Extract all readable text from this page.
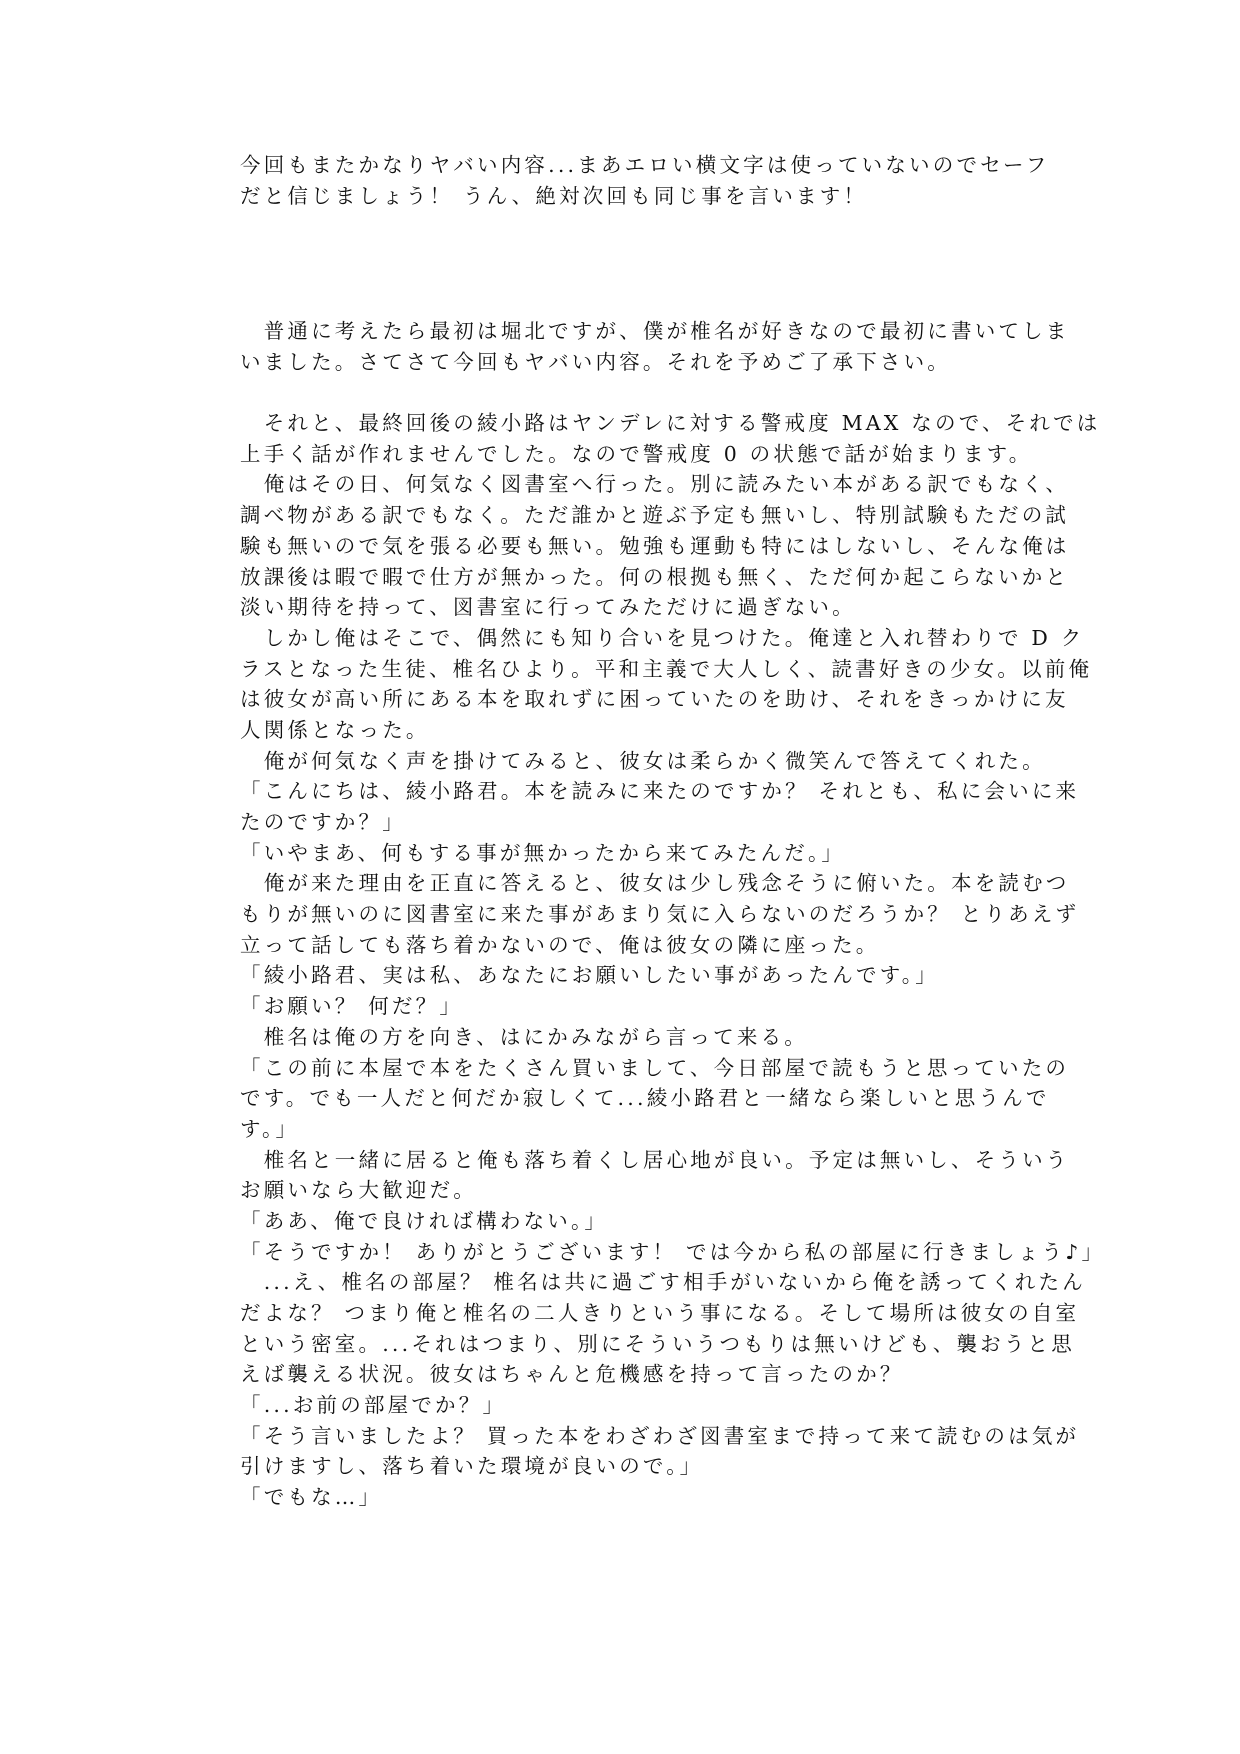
今回もまたかなりヤバい内容...まあエロい横文字は使っていないのでセーフ
だと信じましょう！ うん、絶対次回も同じ事を言います！
　普通に考えたら最初は堀北ですが、僕が椎名が好きなので最初に書いてしま
いました。さてさて今回もヤバい内容。それを予めご了承下さい。
　それと、最終回後の綾小路はヤンデレに対する警戒度 MAX なので、それでは
上手く話が作れませんでした。なので警戒度 0 の状態で話が始まります。
　俺はその日、何気なく図書室へ行った。別に読みたい本がある訳でもなく、
調べ物がある訳でもなく。ただ誰かと遊ぶ予定も無いし、特別試験もただの試
験も無いので気を張る必要も無い。勉強も運動も特にはしないし、そんな俺は
放課後は暇で暇で仕方が無かった。何の根拠も無く、ただ何か起こらないかと
淡い期待を持って、図書室に行ってみただけに過ぎない。
　しかし俺はそこで、偶然にも知り合いを見つけた。俺達と入れ替わりで D ク
ラスとなった生徒、椎名ひより。平和主義で大人しく、読書好きの少女。以前俺
は彼女が高い所にある本を取れずに困っていたのを助け、それをきっかけに友
人関係となった。
　俺が何気なく声を掛けてみると、彼女は柔らかく微笑んで答えてくれた。
「こんにちは、綾小路君。本を読みに来たのですか？ それとも、私に会いに来
たのですか？」
「いやまあ、何もする事が無かったから来てみたんだ。」
　俺が来た理由を正直に答えると、彼女は少し残念そうに俯いた。本を読むつ
もりが無いのに図書室に来た事があまり気に入らないのだろうか？ とりあえず
立って話しても落ち着かないので、俺は彼女の隣に座った。
「綾小路君、実は私、あなたにお願いしたい事があったんです。」
「お願い？ 何だ？」
　椎名は俺の方を向き、はにかみながら言って来る。
「この前に本屋で本をたくさん買いまして、今日部屋で読もうと思っていたの
です。でも一人だと何だか寂しくて...綾小路君と一緒なら楽しいと思うんで
す。」
　椎名と一緒に居ると俺も落ち着くし居心地が良い。予定は無いし、そういう
お願いなら大歓迎だ。
「ああ、俺で良ければ構わない。」
「そうですか！ ありがとうございます！ では今から私の部屋に行きましょう♪」
　...え、椎名の部屋？ 椎名は共に過ごす相手がいないから俺を誘ってくれたん
だよな？ つまり俺と椎名の二人きりという事になる。そして場所は彼女の自室
という密室。...それはつまり、別にそういうつもりは無いけども、襲おうと思
えば襲える状況。彼女はちゃんと危機感を持って言ったのか？
「...お前の部屋でか？」
「そう言いましたよ？ 買った本をわざわざ図書室まで持って来て読むのは気が
引けますし、落ち着いた環境が良いので。」
「でもな…」
